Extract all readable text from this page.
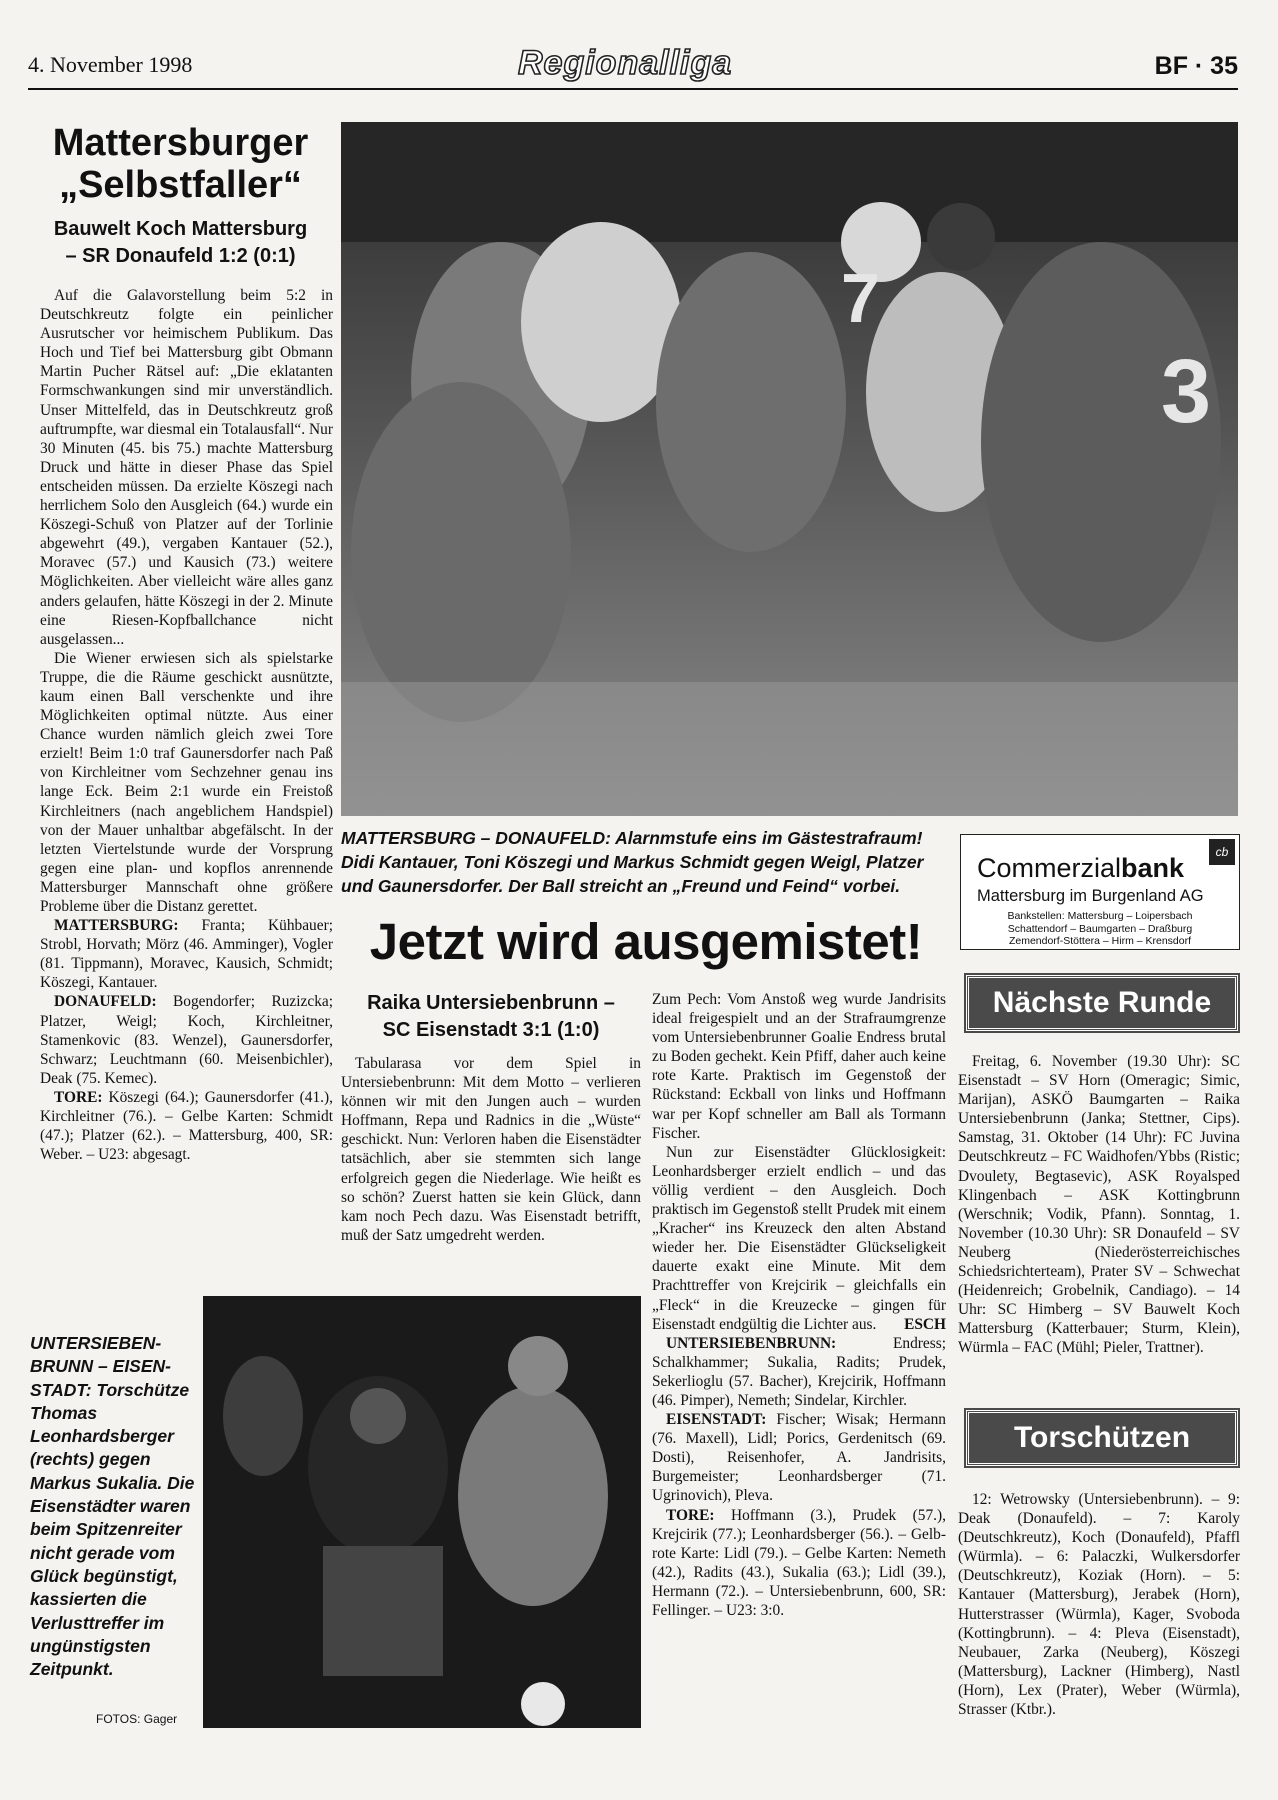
4. November 1998	Regionalliga	BF · 35
Mattersburger
„Selbstfaller“
Bauwelt Koch Mattersburg
– SR Donaufeld 1:2 (0:1)

Auf die Galavorstellung beim 5:2 in Deutschkreutz folgte ein peinlicher Ausrutscher vor heimischem Publikum. Das Hoch und Tief bei Mattersburg gibt Obmann Martin Pucher Rätsel auf: „Die eklatanten Formschwankungen sind mir unverständlich. Unser Mittelfeld, das in Deutschkreutz groß auftrumpfte, war diesmal ein Totalausfall“. Nur 30 Minuten (45. bis 75.) machte Mattersburg Druck und hätte in dieser Phase das Spiel entscheiden müssen. Da erzielte Köszegi nach herrlichem Solo den Ausgleich (64.) wurde ein Köszegi-Schuß von Platzer auf der Torlinie abgewehrt (49.), vergaben Kantauer (52.), Moravec (57.) und Kausich (73.) weitere Möglichkeiten. Aber vielleicht wäre alles ganz anders gelaufen, hätte Köszegi in der 2. Minute eine Riesen-Kopfballchance nicht ausgelassen...

Die Wiener erwiesen sich als spielstarke Truppe, die die Räume geschickt ausnützte, kaum einen Ball verschenkte und ihre Möglichkeiten optimal nützte. Aus einer Chance wurden nämlich gleich zwei Tore erzielt! Beim 1:0 traf Gaunersdorfer nach Paß von Kirchleitner vom Sechzehner genau ins lange Eck. Beim 2:1 wurde ein Freistoß Kirchleitners (nach angeblichem Handspiel) von der Mauer unhaltbar abgefälscht. In der letzten Viertelstunde wurde der Vorsprung gegen eine plan- und kopflos anrennende Mattersburger Mannschaft ohne größere Probleme über die Distanz gerettet.

MATTERSBURG: Franta; Kühbauer; Strobl, Horvath; Mörz (46. Amminger), Vogler (81. Tippmann), Moravec, Kausich, Schmidt; Köszegi, Kantauer.

DONAUFELD: Bogendorfer; Ruzizcka; Platzer, Weigl; Koch, Kirchleitner, Stamenkovic (83. Wenzel), Gaunersdorfer, Schwarz; Leuchtmann (60. Meisenbichler), Deak (75. Kemec).

TORE: Köszegi (64.); Gaunersdorfer (41.), Kirchleitner (76.). – Gelbe Karten: Schmidt (47.); Platzer (62.). – Mattersburg, 400, SR: Weber. – U23: abgesagt.

3
7
MATTERSBURG – DONAUFELD: Alarnmstufe eins im Gästestrafraum!
Didi Kantauer, Toni Köszegi und Markus Schmidt gegen Weigl, Platzer
und Gaunersdorfer. Der Ball streicht an „Freund und Feind“ vorbei.
cb
Commerzialbank
Mattersburg im Burgenland AG
Bankstellen: Mattersburg – Loipersbach
Schattendorf – Baumgarten – Draßburg
Zemendorf-Stöttera – Hirm – Krensdorf
Jetzt wird ausgemistet!
Raika Untersiebenbrunn –
SC Eisenstadt 3:1 (1:0)

Tabularasa vor dem Spiel in Untersiebenbrunn: Mit dem Motto – verlieren können wir mit den Jungen auch – wurden Hoffmann, Repa und Radnics in die „Wüste“ geschickt. Nun: Verloren haben die Eisenstädter tatsächlich, aber sie stemmten sich lange erfolgreich gegen die Niederlage. Wie heißt es so schön? Zuerst hatten sie kein Glück, dann kam noch Pech dazu. Was Eisenstadt betrifft, muß der Satz umgedreht werden.

Zum Pech: Vom Anstoß weg wurde Jandrisits ideal freigespielt und an der Strafraumgrenze vom Untersiebenbrunner Goalie Endress brutal zu Boden gechekt. Kein Pfiff, daher auch keine rote Karte. Praktisch im Gegenstoß der Rückstand: Eckball von links und Hoffmann war per Kopf schneller am Ball als Tormann Fischer.

Nun zur Eisenstädter Glücklosigkeit: Leonhardsberger erzielt endlich – und das völlig verdient – den Ausgleich. Doch praktisch im Gegenstoß stellt Prudek mit einem „Kracher“ ins Kreuzeck den alten Abstand wieder her. Die Eisenstädter Glückseligkeit dauerte exakt eine Minute. Mit dem Prachttreffer von Krejcirik – gleichfalls ein „Fleck“ in die Kreuzecke – gingen für Eisenstadt endgültig die Lichter aus.	ESCH

UNTERSIEBENBRUNN:	Endress; Schalkhammer; Sukalia, Radits; Prudek, Sekerlioglu (57. Bacher), Krejcirik, Hoffmann (46. Pimper), Nemeth; Sindelar, Kirchler.

EISENSTADT: Fischer; Wisak; Hermann (76. Maxell), Lidl; Porics, Gerdenitsch (69. Dosti), Reisenhofer, A. Jandrisits, Burgemeister; Leonhardsberger (71. Ugrinovich), Pleva.

TORE: Hoffmann (3.), Prudek (57.), Krejcirik (77.); Leonhardsberger (56.). – Gelb-rote Karte: Lidl (79.). – Gelbe Karten: Nemeth (42.), Radits (43.), Sukalia (63.); Lidl (39.), Hermann (72.). – Untersiebenbrunn, 600, SR: Fellinger. – U23: 3:0.

UNTERSIEBEN-BRUNN – EISEN-STADT: Torschütze Thomas Leonhardsberger (rechts) gegen Markus Sukalia. Die Eisenstädter waren beim Spitzenreiter nicht gerade vom Glück begünstigt, kassierten die Verlusttreffer im ungünstigsten Zeitpunkt.
FOTOS: Gager
Nächste Runde

Freitag, 6. November (19.30 Uhr): SC Eisenstadt – SV Horn (Omeragic; Simic, Marijan), ASKÖ Baumgarten – Raika Untersiebenbrunn (Janka; Stettner, Cips). Samstag, 31. Oktober (14 Uhr): FC Juvina Deutschkreutz – FC Waidhofen/Ybbs (Ristic; Dvoulety, Begtasevic), ASK Royalsped Klingenbach – ASK Kottingbrunn (Werschnik; Vodik, Pfann). Sonntag, 1. November (10.30 Uhr): SR Donaufeld – SV Neuberg (Niederösterreichisches Schiedsrichterteam), Prater SV – Schwechat (Heidenreich; Grobelnik, Candiago). – 14 Uhr: SC Himberg – SV Bauwelt Koch Mattersburg (Katterbauer; Sturm, Klein), Würmla – FAC (Mühl; Pieler, Trattner).

Torschützen

12: Wetrowsky (Untersiebenbrunn). – 9: Deak (Donaufeld). – 7: Karoly (Deutschkreutz), Koch (Donaufeld), Pfaffl (Würmla). – 6: Palaczki, Wulkersdorfer (Deutschkreutz), Koziak (Horn). – 5: Kantauer (Mattersburg), Jerabek (Horn), Hutterstrasser (Würmla), Kager, Svoboda (Kottingbrunn). – 4: Pleva (Eisenstadt), Neubauer, Zarka (Neuberg), Köszegi (Mattersburg), Lackner (Himberg), Nastl (Horn), Lex (Prater), Weber (Würmla), Strasser (Ktbr.).
